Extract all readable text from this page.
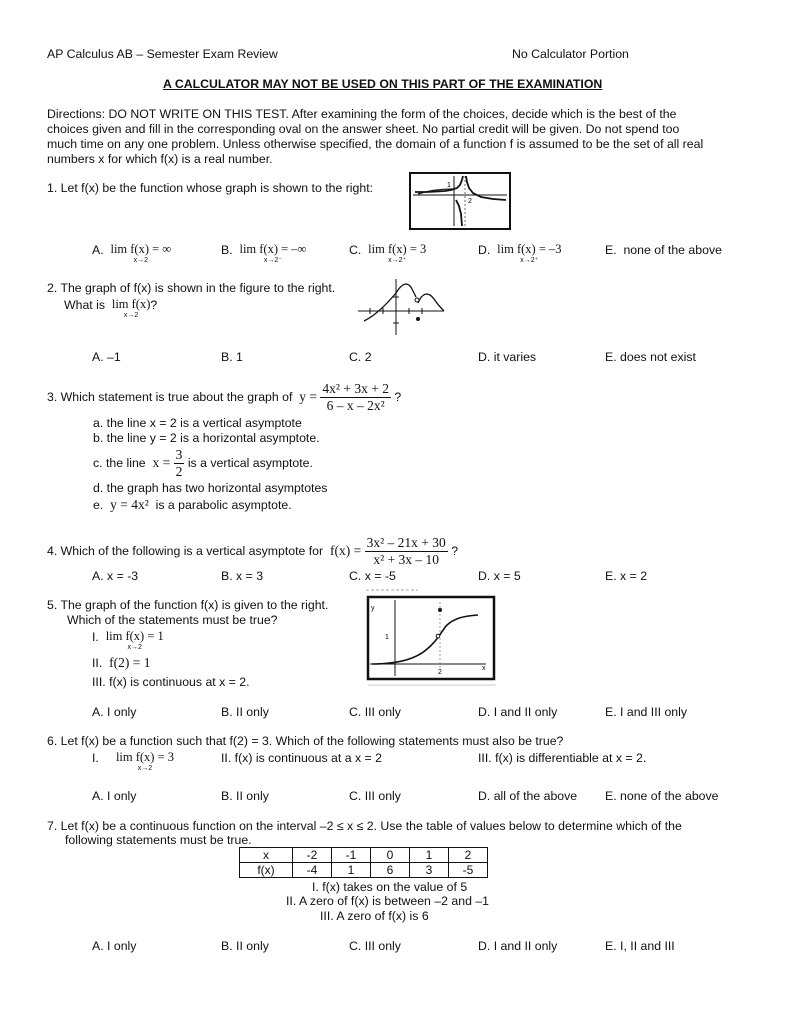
AP Calculus AB – Semester Exam Review	No Calculator Portion
A CALCULATOR MAY NOT BE USED ON THIS PART OF THE EXAMINATION
Directions: DO NOT WRITE ON THIS TEST. After examining the form of the choices, decide which is the best of the
choices given and fill in the corresponding oval on the answer sheet. No partial credit will be given. Do not spend too
much time on any one problem. Unless otherwise specified, the domain of a function f is assumed to be the set of all real
numbers x for which f(x) is a real number.
1. Let f(x) be the function whose graph is shown to the right:	1
2
A. lim f(x) = ∞
x→2
B. lim f(x) = –∞
x→2⁻
C. lim f(x) = 3
x→2⁺
D. lim f(x) = –3
x→2⁺
E. none of the above
2. The graph of f(x) is shown in the figure to the right.
What is lim f(x)
x→2
?
A. –1	B. 1	C. 2	D. it varies	E. does not exist
3. Which statement is true about the graph of $y = \frac{\text{4x² + 3x + 2}}{\text{6 – x – 2x²}}$ ?
a. the line x = 2 is a vertical asymptote
b. the line y = 2 is a horizontal asymptote.
c. the line $x = \frac{3}{2}$ is a vertical asymptote.
d. the graph has two horizontal asymptotes
e. y = 4x² is a parabolic asymptote.
4. Which of the following is a vertical asymptote for $f(x) = \frac{\text{3x² – 21x + 30}}{\text{x² + 3x – 10}}$ ?
A. x = -3	B. x = 3	C. x = -5	D. x = 5	E. x = 2
5. The graph of the function f(x) is given to the right.
Which of the statements must be true?
I. lim f(x) = 1
x→2
II. f(2) = 1
III. f(x) is continuous at x = 2.
y
1
2
x
A. I only	B. II only	C. III only	D. I and II only	E. I and III only
6. Let f(x) be a function such that f(2) = 3. Which of the following statements must also be true?
I. lim f(x) = 3
x→2
II. f(x) is continuous at a x = 2	III. f(x) is differentiable at x = 2.
A. I only	B. II only	C. III only	D. all of the above E. none of the above
7. Let f(x) be a continuous function on the interval –2 ≤ x ≤ 2. Use the table of values below to determine which of the
following statements must be true.
x	-2	-1	0	1	2
f(x)	-4	1	6	3	-5
I. f(x) takes on the value of 5
II. A zero of f(x) is between –2 and –1
III. A zero of f(x) is 6
A. I only	B. II only	C. III only	D. I and II only	E. I, II and III
